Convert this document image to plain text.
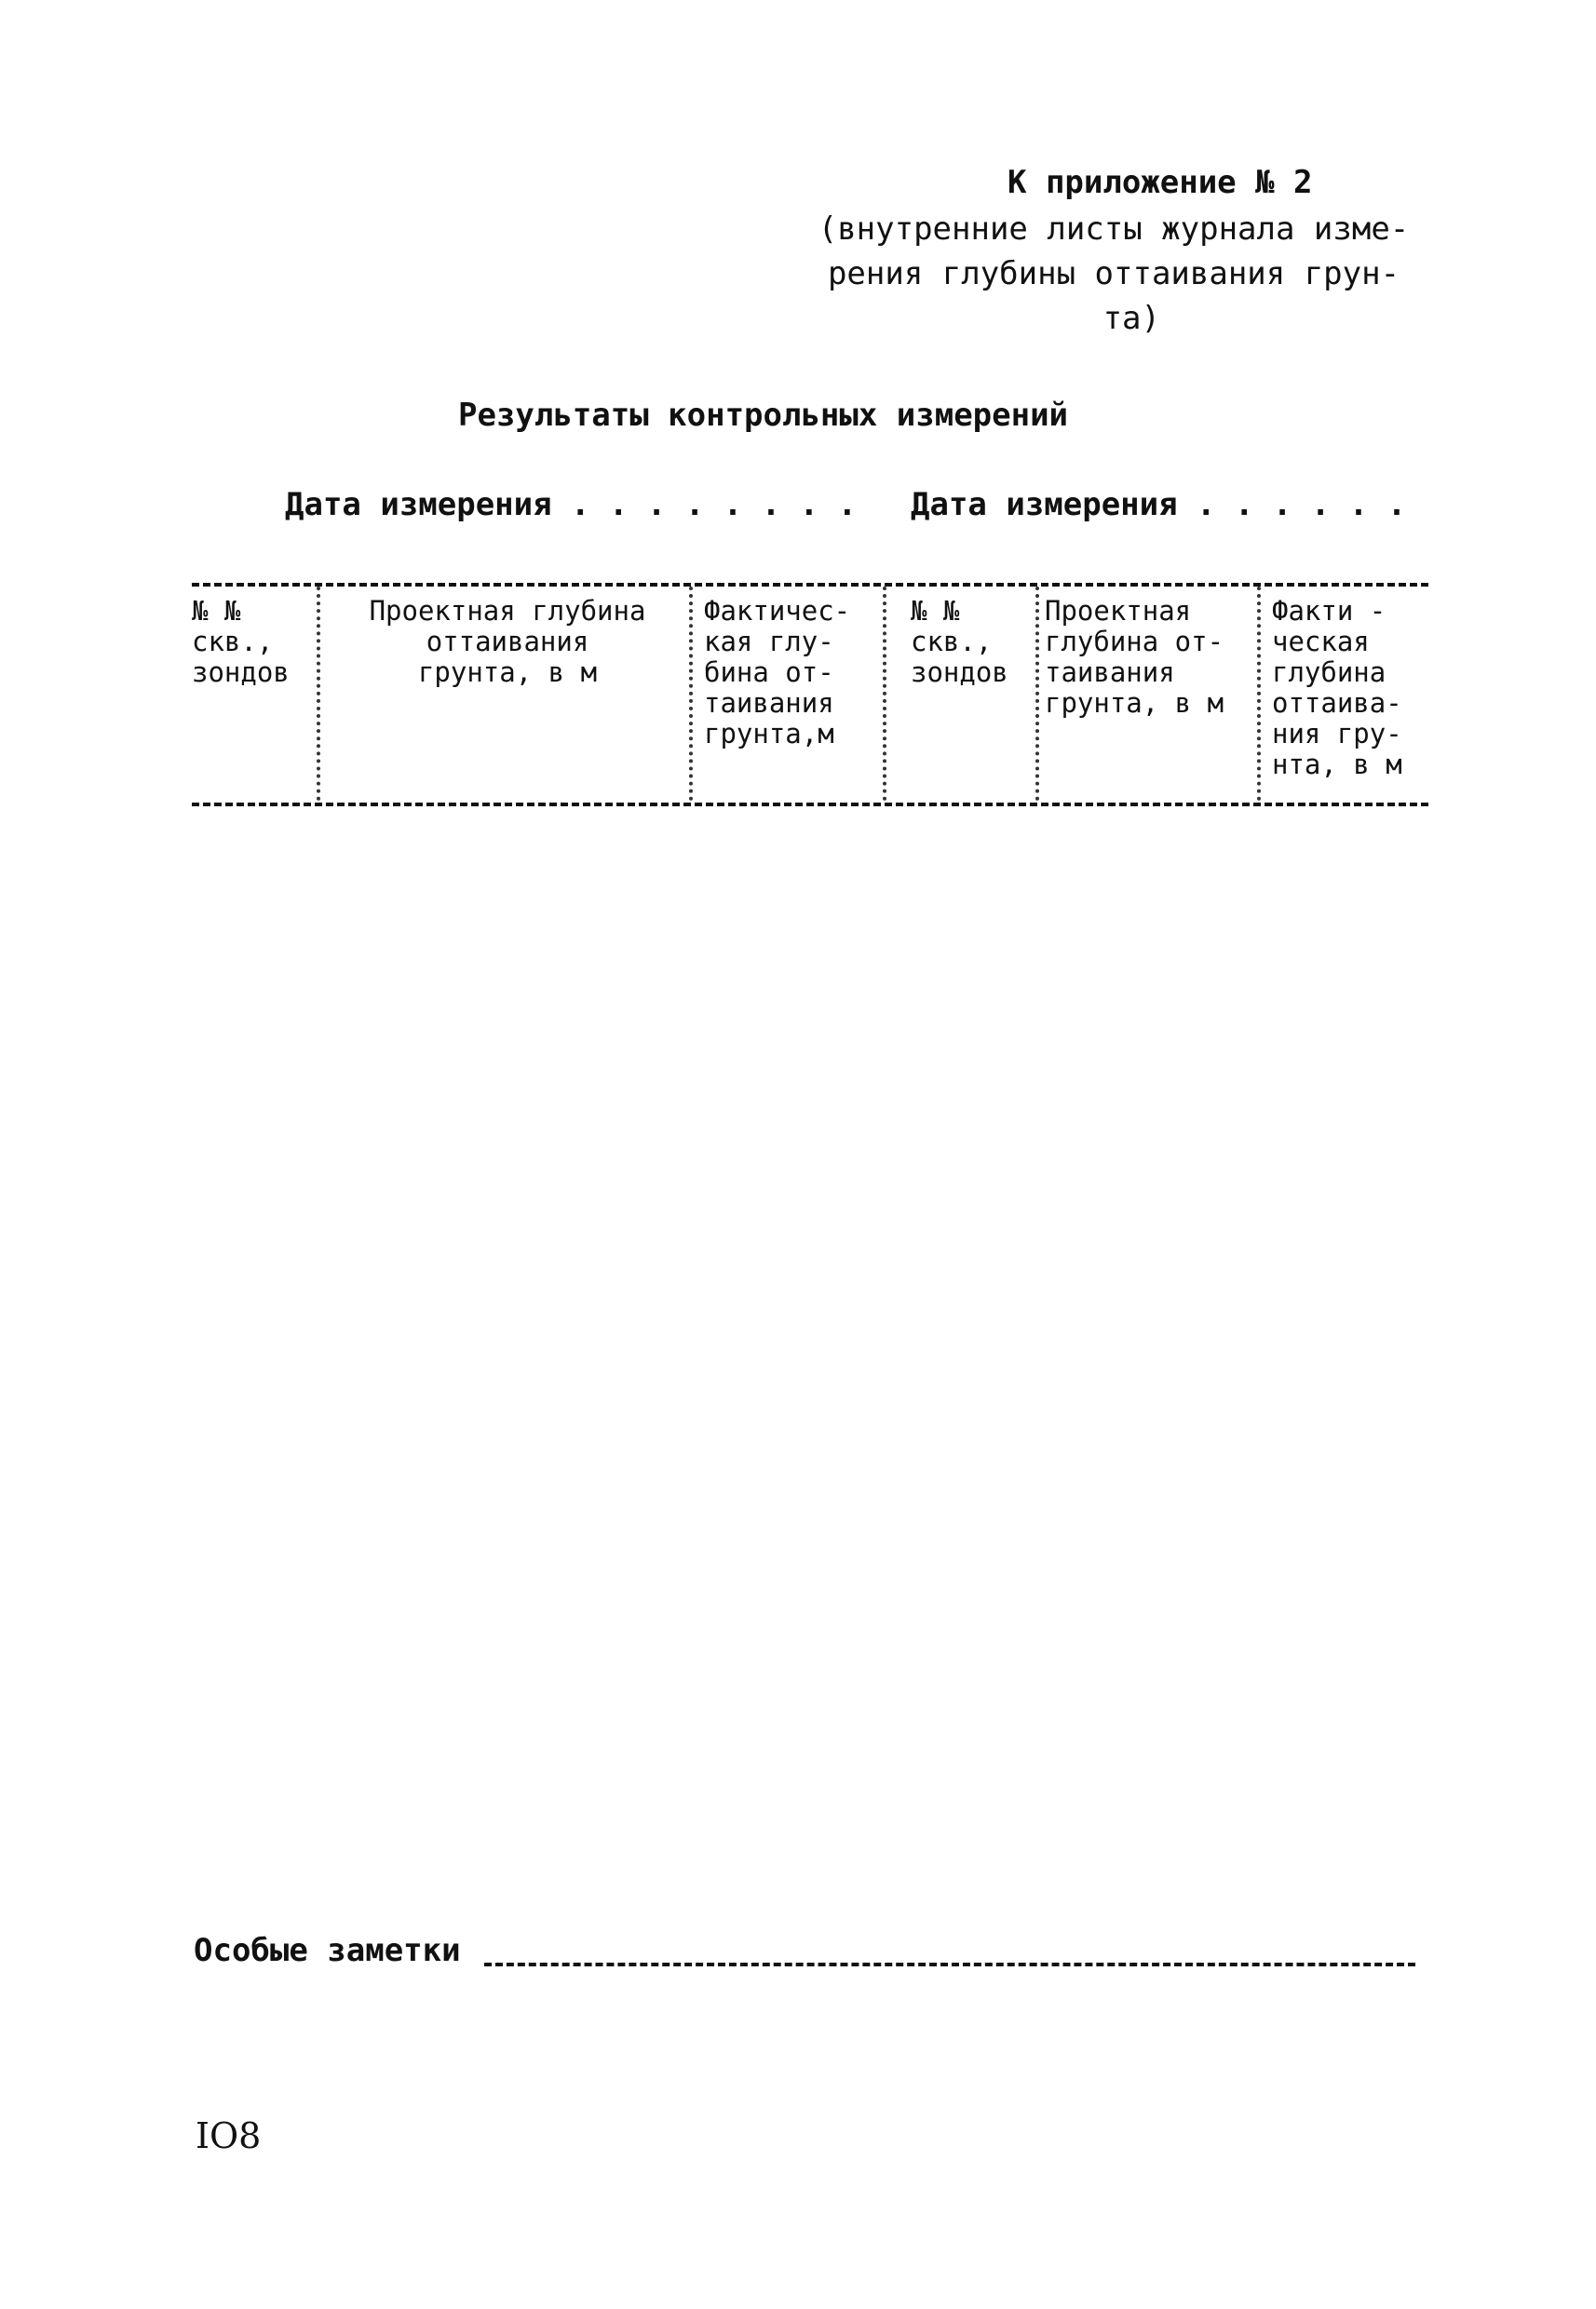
К приложение № 2
(внутренние листы журнала изме-
рения глубины оттаивания грун-
та)
Результаты контрольных измерений
Дата измерения . . . . . . . . Дата измерения . . . . . .
№ №
скв.,
зондов
Проектная глубина
оттаивания
грунта, в м
Фактичес-
кая глу-
бина от-
таивания
грунта,м
№ №
скв.,
зондов
Проектная
глубина от-
таивания
грунта, в м
Факти -
ческая
глубина
оттаива-
ния гру-
нта, в м
Особые заметки
IO8
